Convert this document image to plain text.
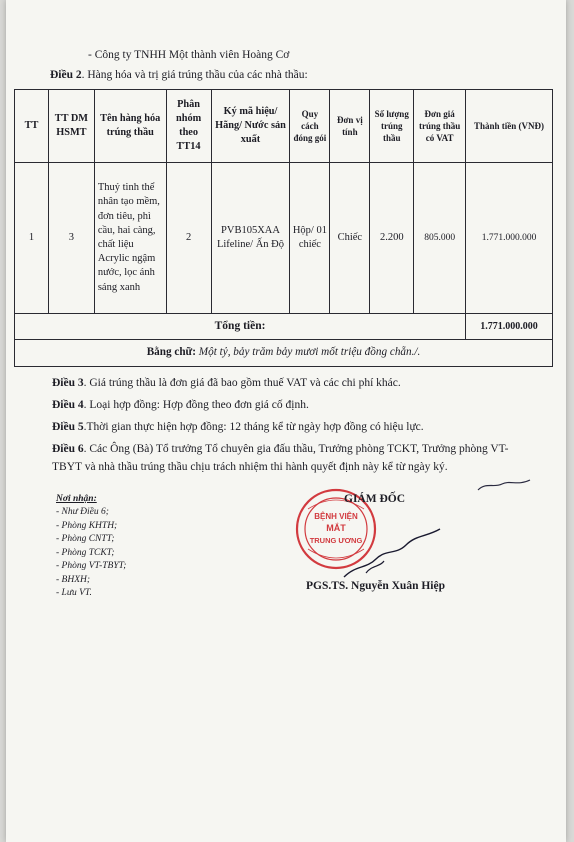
- Công ty TNHH Một thành viên Hoàng Cơ
Điều 2. Hàng hóa và trị giá trúng thầu của các nhà thầu:
TT	TT DM HSMT	Tên hàng hóa trúng thầu	Phân nhóm theo TT14	Ký mã hiệu/ Hãng/ Nước sản xuất	Quy cách đóng gói	Đơn vị tính	Số lượng trúng thầu	Đơn giá trúng thầu có VAT	Thành tiền (VNĐ)
1	3	Thuỷ tinh thể nhân tạo mềm, đơn tiêu, phì cầu, hai càng, chất liệu Acrylic ngậm nước, lọc ánh sáng xanh	2	PVB105XAA Lifeline/ Ấn Độ	Hộp/ 01 chiếc	Chiếc	2.200	805.000	1.771.000.000
Tổng tiền:									1.771.000.000
Bằng chữ: Một tỷ, bảy trăm bảy mươi mốt triệu đồng chẵn./.									
Điều 3. Giá trúng thầu là đơn giá đã bao gồm thuế VAT và các chi phí khác.
Điều 4. Loại hợp đồng: Hợp đồng theo đơn giá cố định.
Điều 5.Thời gian thực hiện hợp đồng: 12 tháng kể từ ngày hợp đồng có hiệu lực.
Điều 6. Các Ông (Bà) Tổ trưởng Tổ chuyên gia đấu thầu, Trưởng phòng TCKT, Trưởng phòng VT-TBYT và nhà thầu trúng thầu chịu trách nhiệm thi hành quyết định này kể từ ngày ký.
Nơi nhận:
- Như Điều 6;
- Phòng KHTH;
- Phòng CNTT;
- Phòng TCKT;
- Phòng VT-TBYT;
- BHXH;
- Lưu VT.
BỆNH VIỆN
MẮT
TRUNG ƯƠNG
GIÁM ĐỐC
PGS.TS. Nguyễn Xuân Hiệp
